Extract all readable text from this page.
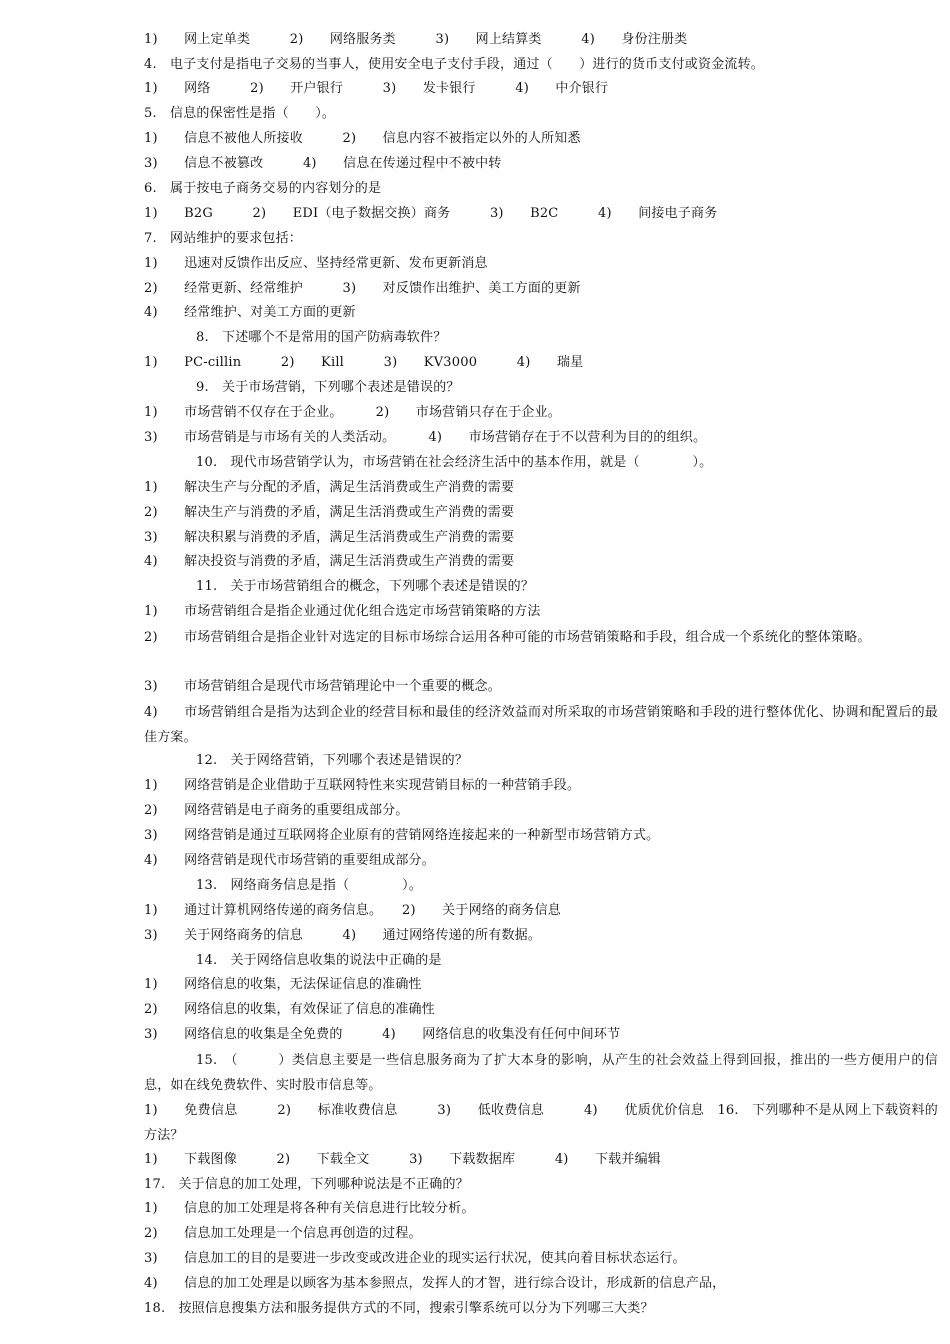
1)　　网上定单类　　　2)　　网络服务类　　　3)　　网上结算类　　　4)　　身份注册类
4.　电子支付是指电子交易的当事人，使用安全电子支付手段，通过（　　）进行的货币支付或资金流转。
1)　　网络　　　2)　　开户银行　　　3)　　发卡银行　　　4)　　中介银行
5.　信息的保密性是指（　　）。
1)　　信息不被他人所接收　　　2)　　信息内容不被指定以外的人所知悉
3)　　信息不被篡改　　　4)　　信息在传递过程中不被中转
6.　属于按电子商务交易的内容划分的是
1)　　B2G　　　2)　　EDI（电子数据交换）商务　　　3)　　B2C　　　4)　　间接电子商务
7.　网站维护的要求包括：
1)　　迅速对反馈作出反应、坚持经常更新、发布更新消息
2)　　经常更新、经常维护　　　3)　　对反馈作出维护、美工方面的更新
4)　　经常维护、对美工方面的更新
8.　下述哪个不是常用的国产防病毒软件？
1)　　PC-cillin　　　2)　　Kill　　　3)　　KV3000　　　4)　　瑞星
9.　关于市场营销，下列哪个表述是错误的？
1)　　市场营销不仅存在于企业。　　　2)　　市场营销只存在于企业。
3)　　市场营销是与市场有关的人类活动。　　　4)　　市场营销存在于不以营利为目的的组织。
10.　现代市场营销学认为，市场营销在社会经济生活中的基本作用，就是（　　　　）。
1)　　解决生产与分配的矛盾，满足生活消费或生产消费的需要
2)　　解决生产与消费的矛盾，满足生活消费或生产消费的需要
3)　　解决积累与消费的矛盾，满足生活消费或生产消费的需要
4)　　解决投资与消费的矛盾，满足生活消费或生产消费的需要
11.　关于市场营销组合的概念，下列哪个表述是错误的？
1)　　市场营销组合是指企业通过优化组合选定市场营销策略的方法
2)　　市场营销组合是指企业针对选定的目标市场综合运用各种可能的市场营销策略和手段，组合成一个系统化的整体策略。
3)　　市场营销组合是现代市场营销理论中一个重要的概念。
4)　　市场营销组合是指为达到企业的经营目标和最佳的经济效益而对所采取的市场营销策略和手段的进行整体优化、协调和配置后的最佳方案。
12.　关于网络营销，下列哪个表述是错误的？
1)　　网络营销是企业借助于互联网特性来实现营销目标的一种营销手段。
2)　　网络营销是电子商务的重要组成部分。
3)　　网络营销是通过互联网将企业原有的营销网络连接起来的一种新型市场营销方式。
4)　　网络营销是现代市场营销的重要组成部分。
13.　网络商务信息是指（　　　　）。
1)　　通过计算机网络传递的商务信息。　　2)　　关于网络的商务信息
3)　　关于网络商务的信息　　　4)　　通过网络传递的所有数据。
14.　关于网络信息收集的说法中正确的是
1)　　网络信息的收集，无法保证信息的准确性
2)　　网络信息的收集，有效保证了信息的准确性
3)　　网络信息的收集是全免费的　　　4)　　网络信息的收集没有任何中间环节
15.　（　　　）类信息主要是一些信息服务商为了扩大本身的影响，从产生的社会效益上得到回报，推出的一些方便用户的信息，如在线免费软件、实时股市信息等。
1)　　免费信息　　　2)　　标准收费信息　　　3)　　低收费信息　　　4)　　优质优价信息　16.　下列哪种不是从网上下载资料的方法？
1)　　下载图像　　　2)　　下载全文　　　3)　　下载数据库　　　4)　　下载并编辑
17.　关于信息的加工处理，下列哪种说法是不正确的？
1)　　信息的加工处理是将各种有关信息进行比较分析。
2)　　信息加工处理是一个信息再创造的过程。
3)　　信息加工的目的是要进一步改变或改进企业的现实运行状况，使其向着目标状态运行。
4)　　信息的加工处理是以顾客为基本参照点，发挥人的才智，进行综合设计，形成新的信息产品，
18.　按照信息搜集方法和服务提供方式的不同，搜索引擎系统可以分为下列哪三大类？
